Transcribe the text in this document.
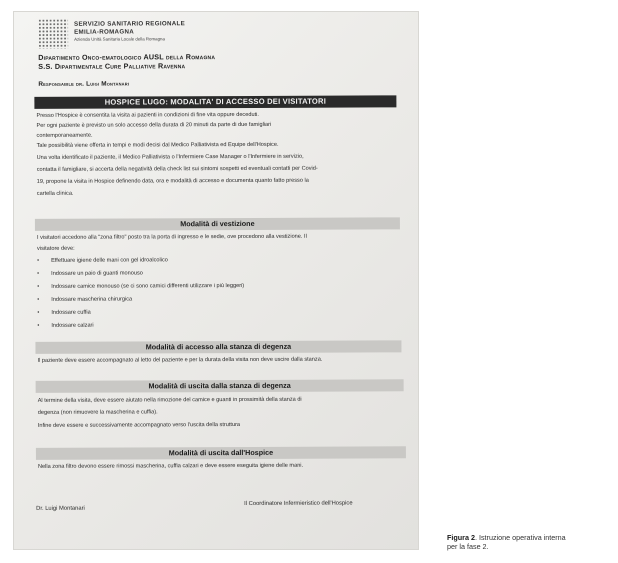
SERVIZIO SANITARIO REGIONALE
EMILIA-ROMAGNA
Azienda Unità Sanitaria Locale della Romagna
Dipartimento Onco-ematologico AUSL della Romagna
S.S. Dipartimentale Cure Palliative Ravenna
Responsabile dr. Luigi Montanari
HOSPICE LUGO: MODALITA' DI ACCESSO DEI VISITATORI
Presso l'Hospice è consentita la visita ai pazienti in condizioni di fine vita oppure deceduti.
Per ogni paziente è previsto un solo accesso della durata di 20 minuti da parte di due famigliari
contemporaneamente.
Tale possibilità viene offerta in tempi e modi decisi dal Medico Palliativista ed Equipe dell'Hospice.
Una volta identificato il paziente, il Medico Palliativista o l'Infermiere Case Manager o l'Infermiere in servizio,
contatta il famigliare, si accerta della negatività della check list sui sintomi sospetti ed eventuali contatti per Covid-
19, propone la visita in Hospice definendo data, ora e modalità di accesso e documenta quanto fatto presso la
cartella clinica.
Modalità di vestizione
I visitatori accedono alla "zona filtro" posto tra la porta di ingresso e le sedie, ove procedono alla vestizione. Il
visitatore deve:
• Effettuare igiene delle mani con gel idroalcolico
• Indossare un paio di guanti monouso
• Indossare camice monouso (se ci sono camici differenti utilizzare i più leggeri)
• Indossare mascherina chirurgica
• Indossare cuffia
• Indossare calzari
Modalità di accesso alla stanza di degenza
Il paziente deve essere accompagnato al letto del paziente e per la durata della visita non deve uscire dalla stanza.
Modalità di uscita dalla stanza di degenza
Al termine della visita, deve essere aiutato nella rimozione del camice e guanti in prossimità della stanza di
degenza (non rimuovere la mascherina e cuffia).
Infine deve essere e successivamente accompagnato verso l'uscita della struttura
Modalità di uscita dall'Hospice
Nella zona filtro devono essere rimossi mascherina, cuffia calzari e deve essere eseguita igiene delle mani.
Dr. Luigi Montanari
Il Coordinatore Infermieristico dell'Hospice
Figura 2. Istruzione operativa interna
per la fase 2.
